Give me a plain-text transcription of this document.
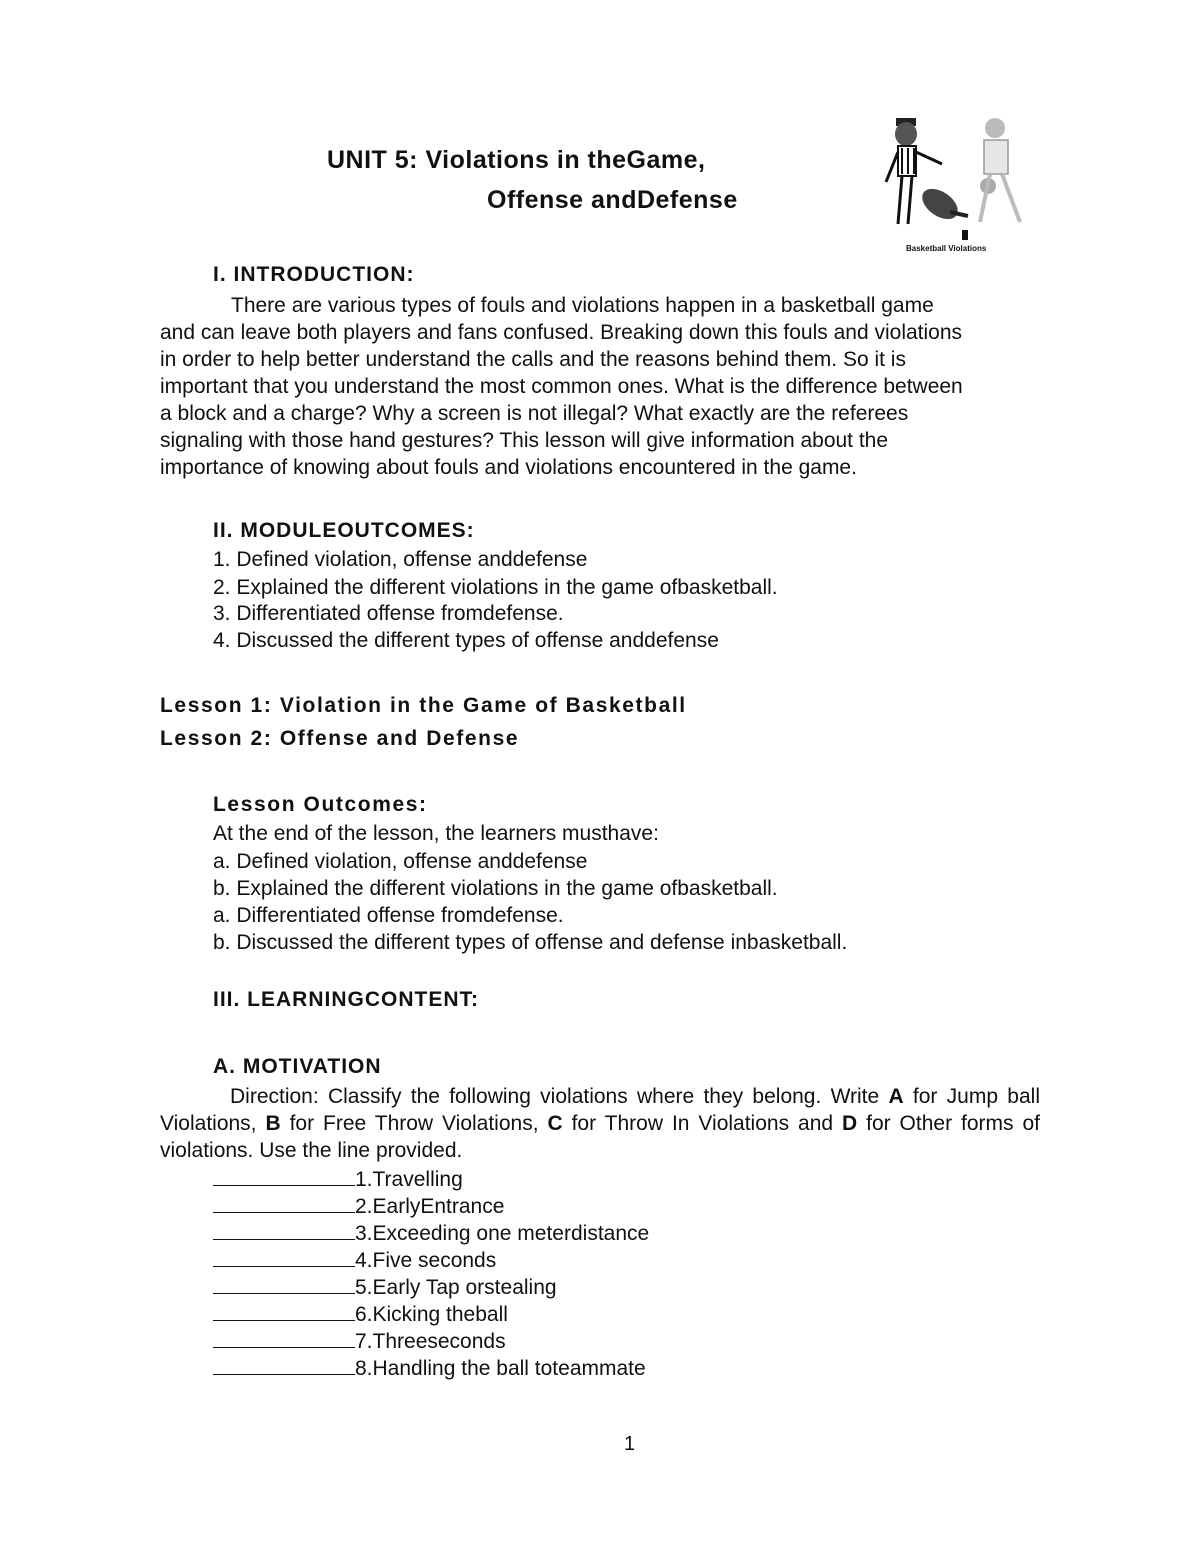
UNIT 5: Violations in theGame,
Offense andDefense
Basketball Violations
I. INTRODUCTION:
There are various types of fouls and violations happen in a basketball game
and can leave both players and fans confused. Breaking down this fouls and violations
in order to help better understand the calls and the reasons behind them. So it is
important that you understand the most common ones. What is the difference between
a block and a charge? Why a screen is not illegal? What exactly are the referees
signaling with those hand gestures? This lesson will give information about the
importance of knowing about fouls and violations encountered in the game.
II. MODULEOUTCOMES:
1. Defined violation, offense anddefense
2. Explained the different violations in the game ofbasketball.
3. Differentiated offense fromdefense.
4. Discussed the different types of offense anddefense
Lesson 1: Violation in the Game of Basketball
Lesson 2: Offense and Defense
Lesson Outcomes:
At the end of the lesson, the learners musthave:
a. Defined violation, offense anddefense
b. Explained the different violations in the game ofbasketball.
a. Differentiated offense fromdefense.
b. Discussed the different types of offense and defense inbasketball.
III. LEARNINGCONTENT:
A. MOTIVATION
Direction: Classify the following violations where they belong. Write A for Jump ball Violations, B for Free Throw Violations, C for Throw In Violations and D for Other forms of violations. Use the line provided.
1.Travelling
2.EarlyEntrance
3.Exceeding one meterdistance
4.Five seconds
5.Early Tap orstealing
6.Kicking theball
7.Threeseconds
8.Handling the ball toteammate
1
